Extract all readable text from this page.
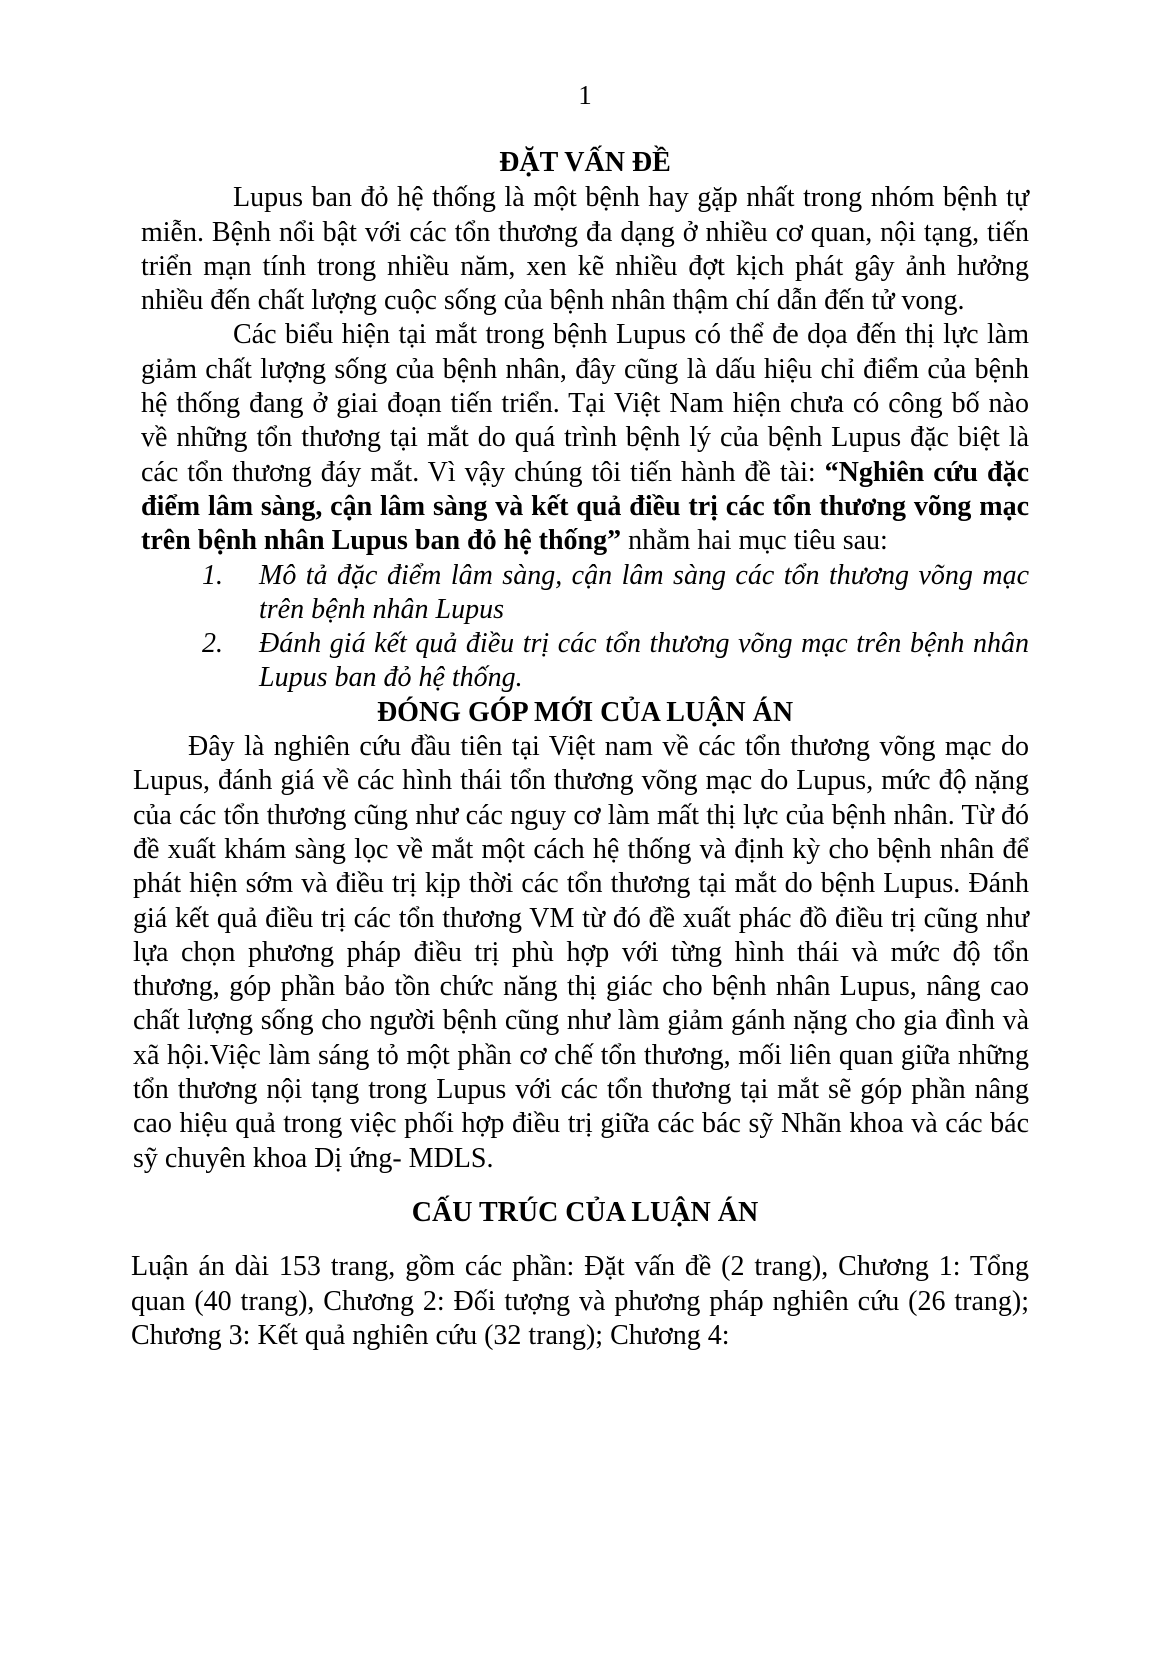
1
ĐẶT VẤN ĐỀ

Lupus ban đỏ hệ thống là một bệnh hay gặp nhất trong nhóm bệnh tự miễn. Bệnh nổi bật với các tổn thương đa dạng ở nhiều cơ quan, nội tạng, tiến triển mạn tính trong nhiều năm, xen kẽ nhiều đợt kịch phát gây ảnh hưởng nhiều đến chất lượng cuộc sống của bệnh nhân thậm chí dẫn đến tử vong.

Các biểu hiện tại mắt trong bệnh Lupus có thể đe dọa đến thị lực làm giảm chất lượng sống của bệnh nhân, đây cũng là dấu hiệu chỉ điểm của bệnh hệ thống đang ở giai đoạn tiến triển. Tại Việt Nam hiện chưa có công bố nào về những tổn thương tại mắt do quá trình bệnh lý của bệnh Lupus đặc biệt là các tổn thương đáy mắt. Vì vậy chúng tôi tiến hành đề tài: “Nghiên cứu đặc điểm lâm sàng, cận lâm sàng và kết quả điều trị các tổn thương võng mạc trên bệnh nhân Lupus ban đỏ hệ thống” nhằm hai mục tiêu sau:

1. Mô tả đặc điểm lâm sàng, cận lâm sàng các tổn thương võng mạc trên bệnh nhân Lupus
2. Đánh giá kết quả điều trị các tổn thương võng mạc trên bệnh nhân Lupus ban đỏ hệ thống.
ĐÓNG GÓP MỚI CỦA LUẬN ÁN

Đây là nghiên cứu đầu tiên tại Việt nam về các tổn thương võng mạc do Lupus, đánh giá về các hình thái tổn thương võng mạc do Lupus, mức độ nặng của các tổn thương cũng như các nguy cơ làm mất thị lực của bệnh nhân. Từ đó đề xuất khám sàng lọc về mắt một cách hệ thống và định kỳ cho bệnh nhân để phát hiện sớm và điều trị kịp thời các tổn thương tại mắt do bệnh Lupus. Đánh giá kết quả điều trị các tổn thương VM từ đó đề xuất phác đồ điều trị cũng như lựa chọn phương pháp điều trị phù hợp với từng hình thái và mức độ tổn thương, góp phần bảo tồn chức năng thị giác cho bệnh nhân Lupus, nâng cao chất lượng sống cho người bệnh cũng như làm giảm gánh nặng cho gia đình và xã hội.Việc làm sáng tỏ một phần cơ chế tổn thương, mối liên quan giữa những tổn thương nội tạng trong Lupus với các tổn thương tại mắt sẽ góp phần nâng cao hiệu quả trong việc phối hợp điều trị giữa các bác sỹ Nhãn khoa và các bác sỹ chuyên khoa Dị ứng- MDLS.

CẤU TRÚC CỦA LUẬN ÁN

Luận án dài 153 trang, gồm các phần: Đặt vấn đề (2 trang), Chương 1: Tổng quan (40 trang), Chương 2: Đối tượng và phương pháp nghiên cứu (26 trang); Chương 3: Kết quả nghiên cứu (32 trang); Chương 4:
